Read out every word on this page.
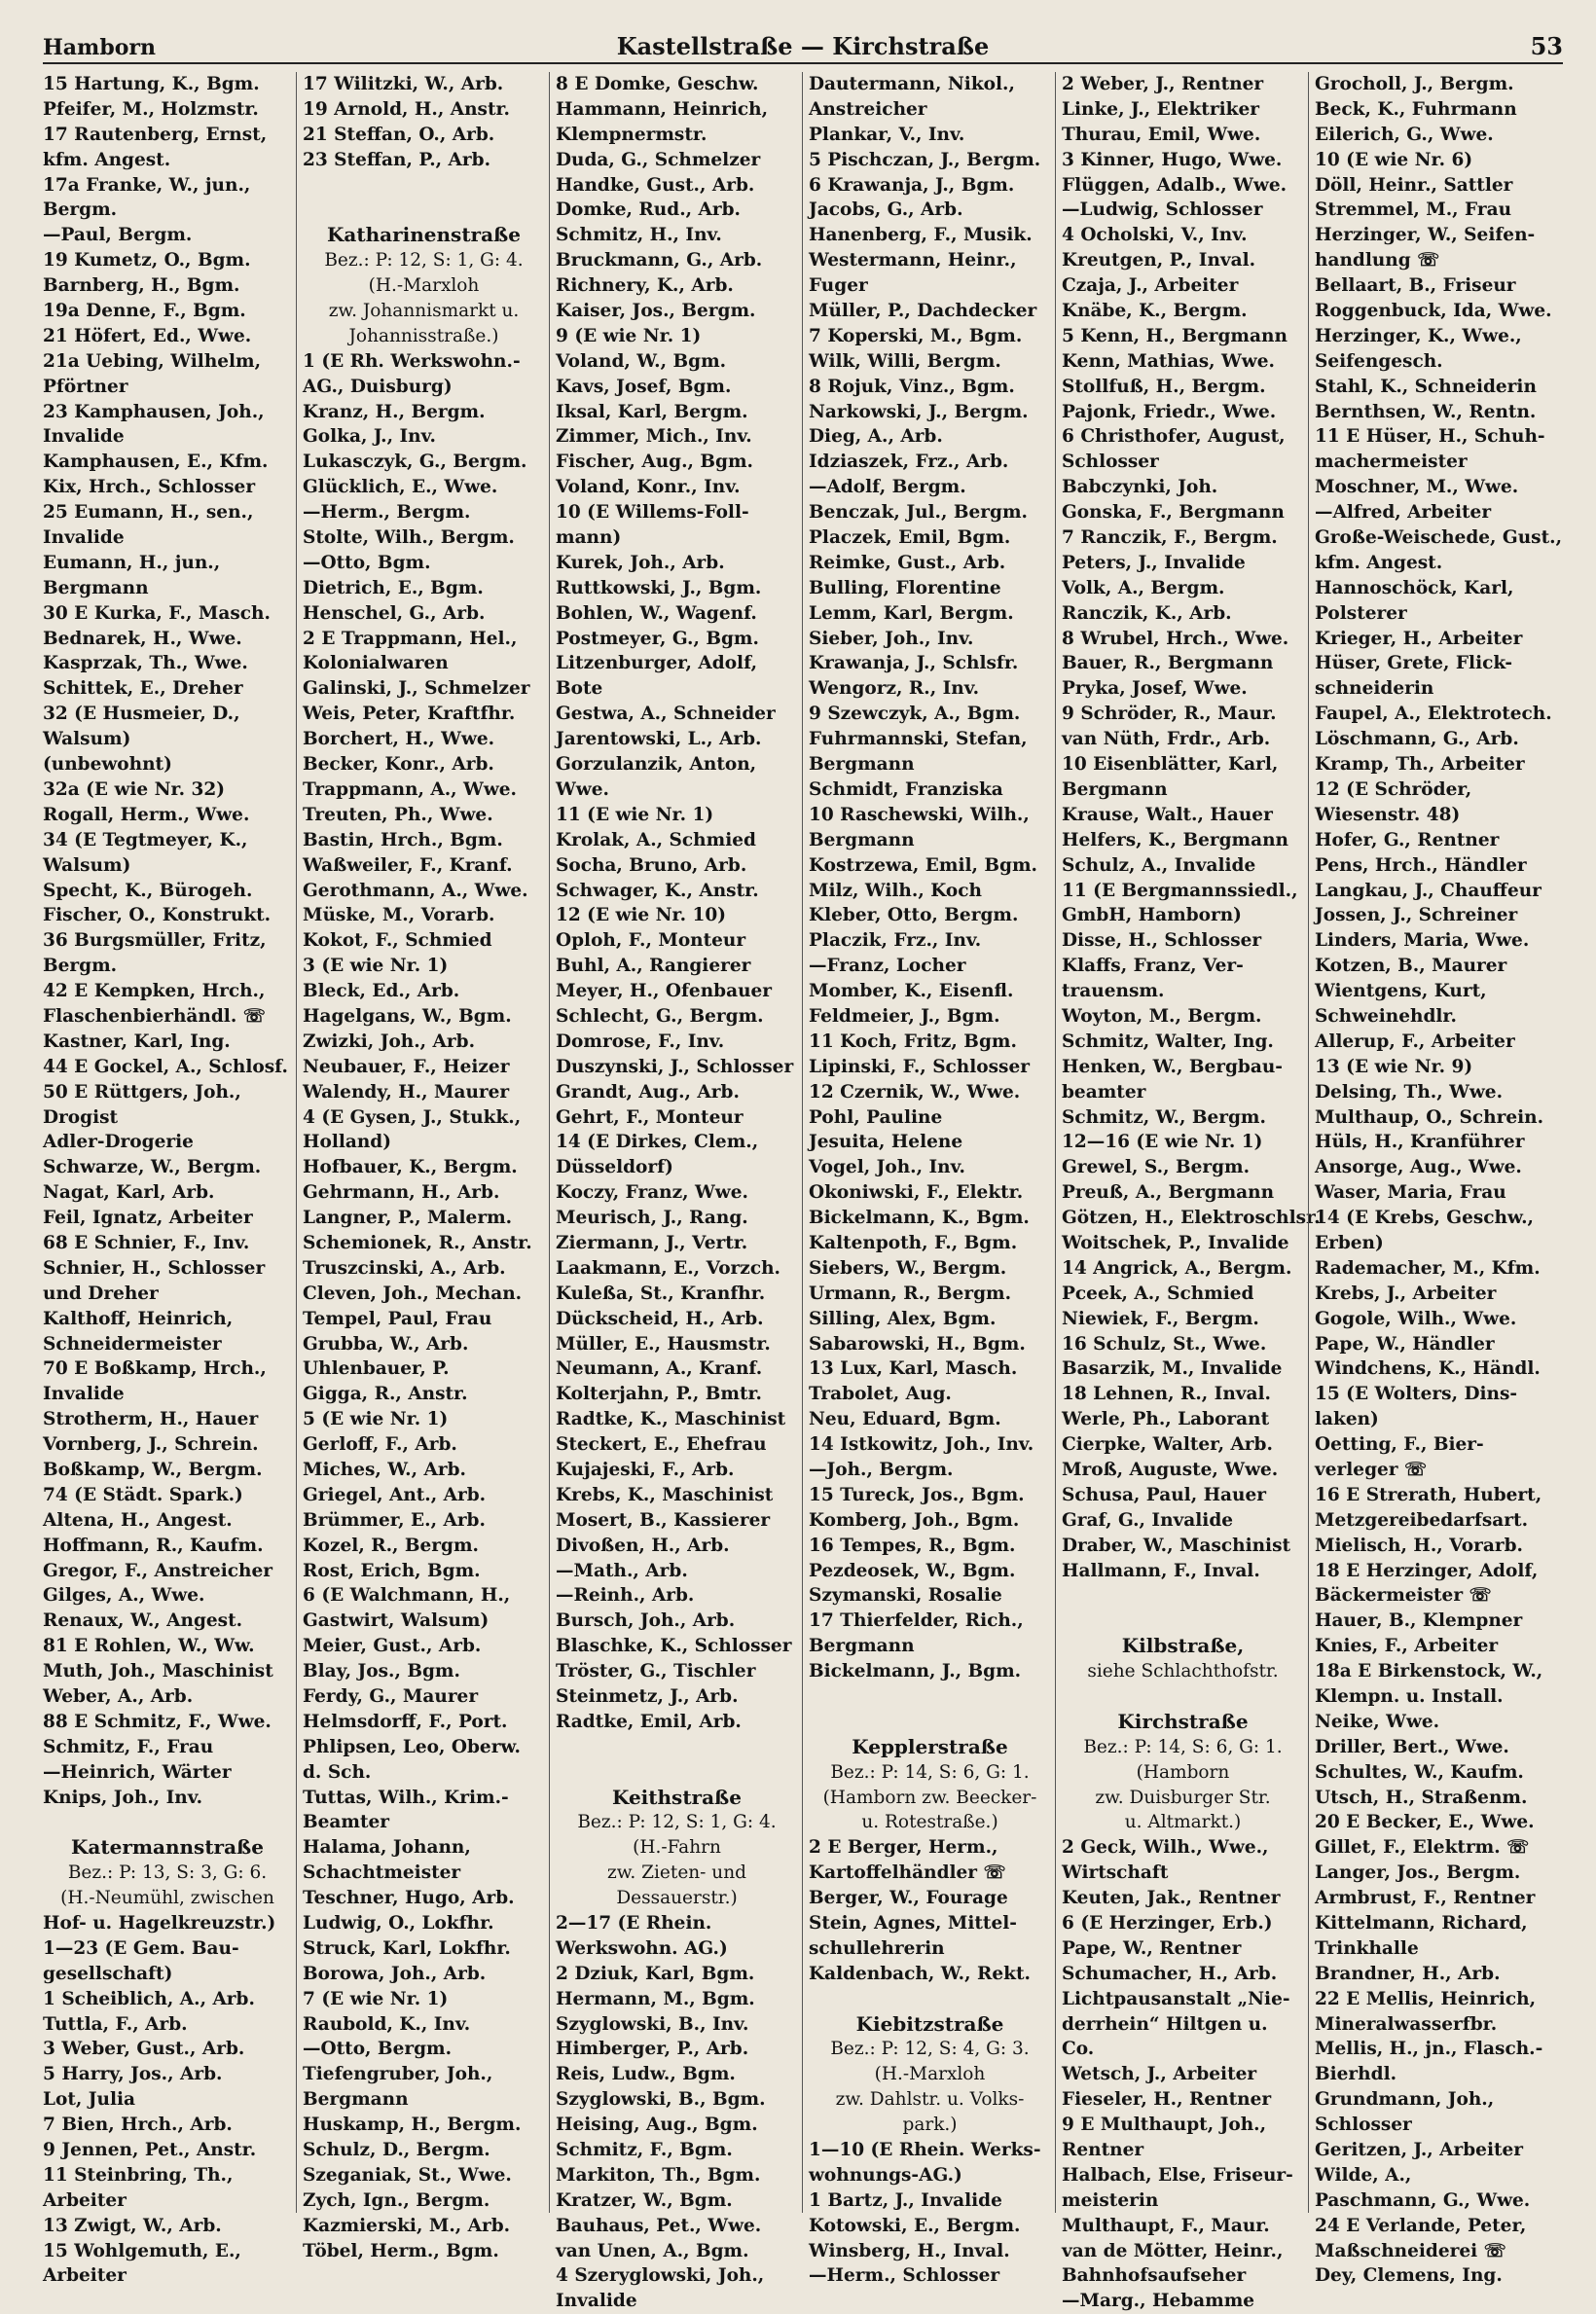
Hamborn	Kastellstraße — Kirchstraße	53
15 Hartung, K., Bgm.
Pfeifer, M., Holzmstr.
17 Rautenberg, Ernst,
kfm. Angest.
17a Franke, W., jun.,
Bergm.
—Paul, Bergm.
19 Kumetz, O., Bgm.
Barnberg, H., Bgm.
19a Denne, F., Bgm.
21 Höfert, Ed., Wwe.
21a Uebing, Wilhelm,
Pförtner
23 Kamphausen, Joh.,
Invalide
Kamphausen, E., Kfm.
Kix, Hrch., Schlosser
25 Eumann, H., sen.,
Invalide
Eumann, H., jun.,
Bergmann
30 E Kurka, F., Masch.
Bednarek, H., Wwe.
Kasprzak, Th., Wwe.
Schittek, E., Dreher
32 (E Husmeier, D.,
Walsum)
(unbewohnt)
32a (E wie Nr. 32)
Rogall, Herm., Wwe.
34 (E Tegtmeyer, K.,
Walsum)
Specht, K., Bürogeh.
Fischer, O., Konstrukt.
36 Burgsmüller, Fritz,
Bergm.
42 E Kempken, Hrch.,
Flaschenbierhändl. ☏
Kastner, Karl, Ing.
44 E Gockel, A., Schlosf.
50 E Rüttgers, Joh.,
Drogist
Adler-Drogerie
Schwarze, W., Bergm.
Nagat, Karl, Arb.
Feil, Ignatz, Arbeiter
68 E Schnier, F., Inv.
Schnier, H., Schlosser
und Dreher
Kalthoff, Heinrich,
Schneidermeister
70 E Boßkamp, Hrch.,
Invalide
Strotherm, H., Hauer
Vornberg, J., Schrein.
Boßkamp, W., Bergm.
74 (E Städt. Spark.)
Altena, H., Angest.
Hoffmann, R., Kaufm.
Gregor, F., Anstreicher
Gilges, A., Wwe.
Renaux, W., Angest.
81 E Rohlen, W., Ww.
Muth, Joh., Maschinist
Weber, A., Arb.
88 E Schmitz, F., Wwe.
Schmitz, F., Frau
—Heinrich, Wärter
Knips, Joh., Inv.
Katermannstraße
Bez.: P: 13, S: 3, G: 6.
(H.-Neumühl, zwischen
Hof- u. Hagelkreuzstr.)
1—23 (E Gem. Bau-
gesellschaft)
1 Scheiblich, A., Arb.
Tuttla, F., Arb.
3 Weber, Gust., Arb.
5 Harry, Jos., Arb.
Lot, Julia
7 Bien, Hrch., Arb.
9 Jennen, Pet., Anstr.
11 Steinbring, Th.,
Arbeiter
13 Zwigt, W., Arb.
15 Wohlgemuth, E.,
Arbeiter
17 Wilitzki, W., Arb.
19 Arnold, H., Anstr.
21 Steffan, O., Arb.
23 Steffan, P., Arb.
Katharinenstraße
Bez.: P: 12, S: 1, G: 4.
(H.-Marxloh
zw. Johannismarkt u.
Johannisstraße.)
1 (E Rh. Werkswohn.-
AG., Duisburg)
Kranz, H., Bergm.
Golka, J., Inv.
Lukasczyk, G., Bergm.
Glücklich, E., Wwe.
—Herm., Bergm.
Stolte, Wilh., Bergm.
—Otto, Bgm.
Dietrich, E., Bgm.
Henschel, G., Arb.
2 E Trappmann, Hel.,
Kolonialwaren
Galinski, J., Schmelzer
Weis, Peter, Kraftfhr.
Borchert, H., Wwe.
Becker, Konr., Arb.
Trappmann, A., Wwe.
Treuten, Ph., Wwe.
Bastin, Hrch., Bgm.
Waßweiler, F., Kranf.
Gerothmann, A., Wwe.
Müske, M., Vorarb.
Kokot, F., Schmied
3 (E wie Nr. 1)
Bleck, Ed., Arb.
Hagelgans, W., Bgm.
Zwizki, Joh., Arb.
Neubauer, F., Heizer
Walendy, H., Maurer
4 (E Gysen, J., Stukk.,
Holland)
Hofbauer, K., Bergm.
Gehrmann, H., Arb.
Langner, P., Malerm.
Schemionek, R., Anstr.
Truszcinski, A., Arb.
Cleven, Joh., Mechan.
Tempel, Paul, Frau
Grubba, W., Arb.
Uhlenbauer, P.
Gigga, R., Anstr.
5 (E wie Nr. 1)
Gerloff, F., Arb.
Miches, W., Arb.
Griegel, Ant., Arb.
Brümmer, E., Arb.
Kozel, R., Bergm.
Rost, Erich, Bgm.
6 (E Walchmann, H.,
Gastwirt, Walsum)
Meier, Gust., Arb.
Blay, Jos., Bgm.
Ferdy, G., Maurer
Helmsdorff, F., Port.
Phlipsen, Leo, Oberw.
d. Sch.
Tuttas, Wilh., Krim.-
Beamter
Halama, Johann,
Schachtmeister
Teschner, Hugo, Arb.
Ludwig, O., Lokfhr.
Struck, Karl, Lokfhr.
Borowa, Joh., Arb.
7 (E wie Nr. 1)
Raubold, K., Inv.
—Otto, Bergm.
Tiefengruber, Joh.,
Bergmann
Huskamp, H., Bergm.
Schulz, D., Bergm.
Szeganiak, St., Wwe.
Zych, Ign., Bergm.
Kazmierski, M., Arb.
Töbel, Herm., Bgm.
8 E Domke, Geschw.
Hammann, Heinrich,
Klempnermstr.
Duda, G., Schmelzer
Handke, Gust., Arb.
Domke, Rud., Arb.
Schmitz, H., Inv.
Bruckmann, G., Arb.
Richnery, K., Arb.
Kaiser, Jos., Bergm.
9 (E wie Nr. 1)
Voland, W., Bgm.
Kavs, Josef, Bgm.
Iksal, Karl, Bergm.
Zimmer, Mich., Inv.
Fischer, Aug., Bgm.
Voland, Konr., Inv.
10 (E Willems-Foll-
mann)
Kurek, Joh., Arb.
Ruttkowski, J., Bgm.
Bohlen, W., Wagenf.
Postmeyer, G., Bgm.
Litzenburger, Adolf,
Bote
Gestwa, A., Schneider
Jarentowski, L., Arb.
Gorzulanzik, Anton,
Wwe.
11 (E wie Nr. 1)
Krolak, A., Schmied
Socha, Bruno, Arb.
Schwager, K., Anstr.
12 (E wie Nr. 10)
Oploh, F., Monteur
Buhl, A., Rangierer
Meyer, H., Ofenbauer
Schlecht, G., Bergm.
Domrose, F., Inv.
Duszynski, J., Schlosser
Grandt, Aug., Arb.
Gehrt, F., Monteur
14 (E Dirkes, Clem.,
Düsseldorf)
Koczy, Franz, Wwe.
Meurisch, J., Rang.
Ziermann, J., Vertr.
Laakmann, E., Vorzch.
Kuleßa, St., Kranfhr.
Dückscheid, H., Arb.
Müller, E., Hausmstr.
Neumann, A., Kranf.
Kolterjahn, P., Bmtr.
Radtke, K., Maschinist
Steckert, E., Ehefrau
Kujajeski, F., Arb.
Krebs, K., Maschinist
Mosert, B., Kassierer
Divoßen, H., Arb.
—Math., Arb.
—Reinh., Arb.
Bursch, Joh., Arb.
Blaschke, K., Schlosser
Tröster, G., Tischler
Steinmetz, J., Arb.
Radtke, Emil, Arb.
Keithstraße
Bez.: P: 12, S: 1, G: 4.
(H.-Fahrn
zw. Zieten- und
Dessauerstr.)
2—17 (E Rhein.
Werkswohn. AG.)
2 Dziuk, Karl, Bgm.
Hermann, M., Bgm.
Szyglowski, B., Inv.
Himberger, P., Arb.
Reis, Ludw., Bgm.
Szyglowski, B., Bgm.
Heising, Aug., Bgm.
Schmitz, F., Bgm.
Markiton, Th., Bgm.
Kratzer, W., Bgm.
Bauhaus, Pet., Wwe.
van Unen, A., Bgm.
4 Szeryglowski, Joh.,
Invalide
Dautermann, Nikol.,
Anstreicher
Plankar, V., Inv.
5 Pischczan, J., Bergm.
6 Krawanja, J., Bgm.
Jacobs, G., Arb.
Hanenberg, F., Musik.
Westermann, Heinr.,
Fuger
Müller, P., Dachdecker
7 Koperski, M., Bgm.
Wilk, Willi, Bergm.
8 Rojuk, Vinz., Bgm.
Narkowski, J., Bergm.
Dieg, A., Arb.
Idziaszek, Frz., Arb.
—Adolf, Bergm.
Benczak, Jul., Bergm.
Placzek, Emil, Bgm.
Reimke, Gust., Arb.
Bulling, Florentine
Lemm, Karl, Bergm.
Sieber, Joh., Inv.
Krawanja, J., Schlsfr.
Wengorz, R., Inv.
9 Szewczyk, A., Bgm.
Fuhrmannski, Stefan,
Bergmann
Schmidt, Franziska
10 Raschewski, Wilh.,
Bergmann
Kostrzewa, Emil, Bgm.
Milz, Wilh., Koch
Kleber, Otto, Bergm.
Placzik, Frz., Inv.
—Franz, Locher
Momber, K., Eisenfl.
Feldmeier, J., Bgm.
11 Koch, Fritz, Bgm.
Lipinski, F., Schlosser
12 Czernik, W., Wwe.
Pohl, Pauline
Jesuita, Helene
Vogel, Joh., Inv.
Okoniwski, F., Elektr.
Bickelmann, K., Bgm.
Kaltenpoth, F., Bgm.
Siebers, W., Bergm.
Urmann, R., Bergm.
Silling, Alex, Bgm.
Sabarowski, H., Bgm.
13 Lux, Karl, Masch.
Trabolet, Aug.
Neu, Eduard, Bgm.
14 Istkowitz, Joh., Inv.
—Joh., Bergm.
15 Tureck, Jos., Bgm.
Komberg, Joh., Bgm.
16 Tempes, R., Bgm.
Pezdeosek, W., Bgm.
Szymanski, Rosalie
17 Thierfelder, Rich.,
Bergmann
Bickelmann, J., Bgm.
Kepplerstraße
Bez.: P: 14, S: 6, G: 1.
(Hamborn zw. Beecker-
u. Rotestraße.)
2 E Berger, Herm.,
Kartoffelhändler ☏
Berger, W., Fourage
Stein, Agnes, Mittel-
schullehrerin
Kaldenbach, W., Rekt.
Kiebitzstraße
Bez.: P: 12, S: 4, G: 3.
(H.-Marxloh
zw. Dahlstr. u. Volks-
park.)
1—10 (E Rhein. Werks-
wohnungs-AG.)
1 Bartz, J., Invalide
Kotowski, E., Bergm.
Winsberg, H., Inval.
—Herm., Schlosser
2 Weber, J., Rentner
Linke, J., Elektriker
Thurau, Emil, Wwe.
3 Kinner, Hugo, Wwe.
Flüggen, Adalb., Wwe.
—Ludwig, Schlosser
4 Ocholski, V., Inv.
Kreutgen, P., Inval.
Czaja, J., Arbeiter
Knäbe, K., Bergm.
5 Kenn, H., Bergmann
Kenn, Mathias, Wwe.
Stollfuß, H., Bergm.
Pajonk, Friedr., Wwe.
6 Christhofer, August,
Schlosser
Babczynki, Joh.
Gonska, F., Bergmann
7 Ranczik, F., Bergm.
Peters, J., Invalide
Volk, A., Bergm.
Ranczik, K., Arb.
8 Wrubel, Hrch., Wwe.
Bauer, R., Bergmann
Pryka, Josef, Wwe.
9 Schröder, R., Maur.
van Nüth, Frdr., Arb.
10 Eisenblätter, Karl,
Bergmann
Krause, Walt., Hauer
Helfers, K., Bergmann
Schulz, A., Invalide
11 (E Bergmannssiedl.,
GmbH, Hamborn)
Disse, H., Schlosser
Klaffs, Franz, Ver-
trauensm.
Woyton, M., Bergm.
Schmitz, Walter, Ing.
Henken, W., Bergbau-
beamter
Schmitz, W., Bergm.
12—16 (E wie Nr. 1)
Grewel, S., Bergm.
Preuß, A., Bergmann
Götzen, H., Elektroschlsr.
Woitschek, P., Invalide
14 Angrick, A., Bergm.
Pceek, A., Schmied
Niewiek, F., Bergm.
16 Schulz, St., Wwe.
Basarzik, M., Invalide
18 Lehnen, R., Inval.
Werle, Ph., Laborant
Cierpke, Walter, Arb.
Mroß, Auguste, Wwe.
Schusa, Paul, Hauer
Graf, G., Invalide
Draber, W., Maschinist
Hallmann, F., Inval.
Kilbstraße,
siehe Schlachthofstr.
Kirchstraße
Bez.: P: 14, S: 6, G: 1.
(Hamborn
zw. Duisburger Str.
u. Altmarkt.)
2 Geck, Wilh., Wwe.,
Wirtschaft
Keuten, Jak., Rentner
6 (E Herzinger, Erb.)
Pape, W., Rentner
Schumacher, H., Arb.
Lichtpausanstalt „Nie-
derrhein“ Hiltgen u.
Co.
Wetsch, J., Arbeiter
Fieseler, H., Rentner
9 E Multhaupt, Joh.,
Rentner
Halbach, Else, Friseur-
meisterin
Multhaupt, F., Maur.
van de Mötter, Heinr.,
Bahnhofsaufseher
—Marg., Hebamme
Grocholl, J., Bergm.
Beck, K., Fuhrmann
Eilerich, G., Wwe.
10 (E wie Nr. 6)
Döll, Heinr., Sattler
Stremmel, M., Frau
Herzinger, W., Seifen-
handlung ☏
Bellaart, B., Friseur
Roggenbuck, Ida, Wwe.
Herzinger, K., Wwe.,
Seifengesch.
Stahl, K., Schneiderin
Bernthsen, W., Rentn.
11 E Hüser, H., Schuh-
machermeister
Moschner, M., Wwe.
—Alfred, Arbeiter
Große-Weischede, Gust.,
kfm. Angest.
Hannoschöck, Karl,
Polsterer
Krieger, H., Arbeiter
Hüser, Grete, Flick-
schneiderin
Faupel, A., Elektrotech.
Löschmann, G., Arb.
Kramp, Th., Arbeiter
12 (E Schröder,
Wiesenstr. 48)
Hofer, G., Rentner
Pens, Hrch., Händler
Langkau, J., Chauffeur
Jossen, J., Schreiner
Linders, Maria, Wwe.
Kotzen, B., Maurer
Wientgens, Kurt,
Schweinehdlr.
Allerup, F., Arbeiter
13 (E wie Nr. 9)
Delsing, Th., Wwe.
Multhaup, O., Schrein.
Hüls, H., Kranführer
Ansorge, Aug., Wwe.
Waser, Maria, Frau
14 (E Krebs, Geschw.,
Erben)
Rademacher, M., Kfm.
Krebs, J., Arbeiter
Gogole, Wilh., Wwe.
Pape, W., Händler
Windchens, K., Händl.
15 (E Wolters, Dins-
laken)
Oetting, F., Bier-
verleger ☏
16 E Strerath, Hubert,
Metzgereibedarfsart.
Mielisch, H., Vorarb.
18 E Herzinger, Adolf,
Bäckermeister ☏
Hauer, B., Klempner
Knies, F., Arbeiter
18a E Birkenstock, W.,
Klempn. u. Install.
Neike, Wwe.
Driller, Bert., Wwe.
Schultes, W., Kaufm.
Utsch, H., Straßenm.
20 E Becker, E., Wwe.
Gillet, F., Elektrm. ☏
Langer, Jos., Bergm.
Armbrust, F., Rentner
Kittelmann, Richard,
Trinkhalle
Brandner, H., Arb.
22 E Mellis, Heinrich,
Mineralwasserfbr.
Mellis, H., jn., Flasch.-
Bierhdl.
Grundmann, Joh.,
Schlosser
Geritzen, J., Arbeiter
Wilde, A.,
Paschmann, G., Wwe.
24 E Verlande, Peter,
Maßschneiderei ☏
Dey, Clemens, Ing.
